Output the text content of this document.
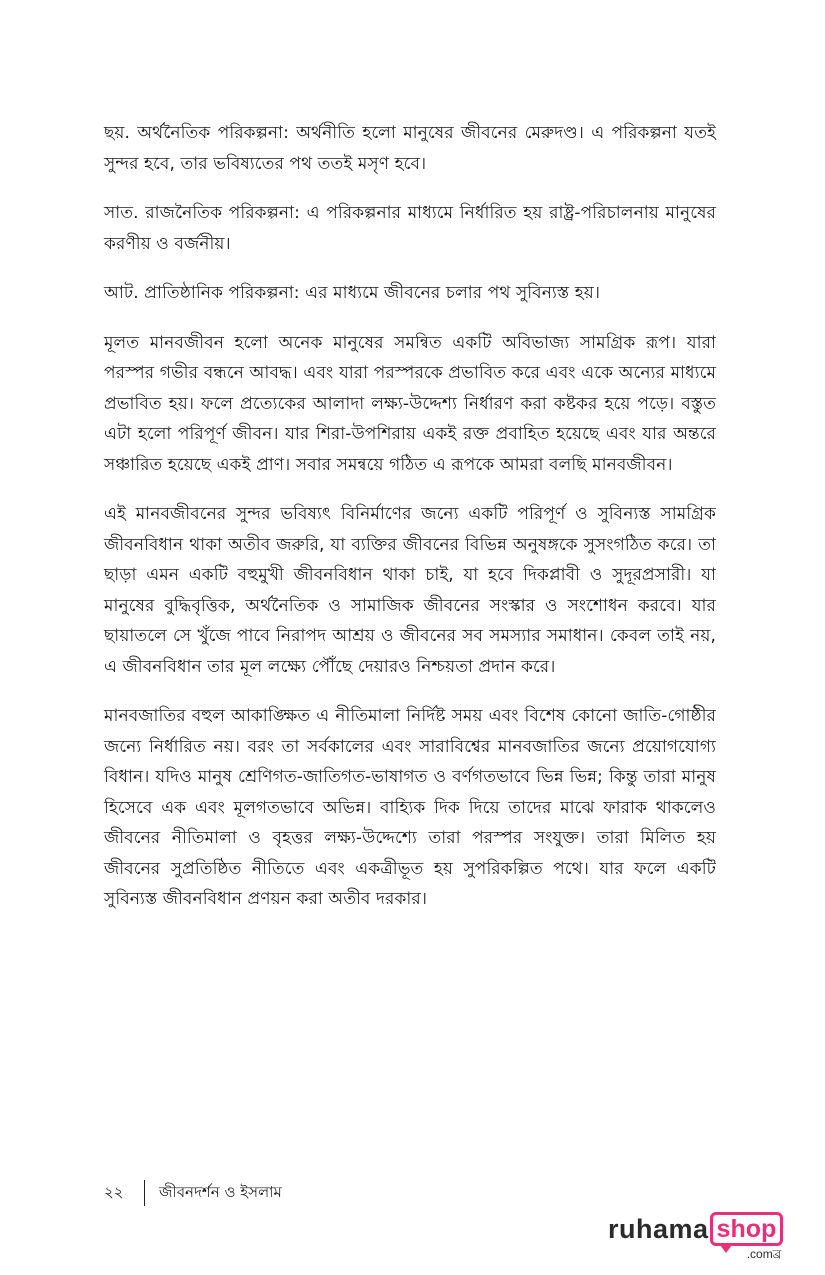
ছয়. অর্থনৈতিক পরিকল্পনা: অর্থনীতি হলো মানুষের জীবনের মেরুদণ্ড। এ পরিকল্পনা যতই সুন্দর হবে, তার ভবিষ্যতের পথ ততই মসৃণ হবে।

সাত. রাজনৈতিক পরিকল্পনা: এ পরিকল্পনার মাধ্যমে নির্ধারিত হয় রাষ্ট্র-পরিচালনায় মানুষের করণীয় ও বর্জনীয়।

আট. প্রাতিষ্ঠানিক পরিকল্পনা: এর মাধ্যমে জীবনের চলার পথ সুবিন্যস্ত হয়।

মূলত মানবজীবন হলো অনেক মানুষের সমন্বিত একটি অবিভাজ্য সামগ্রিক রূপ। যারা পরস্পর গভীর বন্ধনে আবদ্ধ। এবং যারা পরস্পরকে প্রভাবিত করে এবং একে অন্যের মাধ্যমে প্রভাবিত হয়। ফলে প্রত্যেকের আলাদা লক্ষ্য-উদ্দেশ্য নির্ধারণ করা কষ্টকর হয়ে পড়ে। বস্তুত এটা হলো পরিপূর্ণ জীবন। যার শিরা-উপশিরায় একই রক্ত প্রবাহিত হয়েছে এবং যার অন্তরে সঞ্চারিত হয়েছে একই প্রাণ। সবার সমন্বয়ে গঠিত এ রূপকে আমরা বলছি মানবজীবন।

এই মানবজীবনের সুন্দর ভবিষ্যৎ বিনির্মাণের জন্যে একটি পরিপূর্ণ ও সুবিন্যস্ত সামগ্রিক জীবনবিধান থাকা অতীব জরুরি, যা ব্যক্তির জীবনের বিভিন্ন অনুষঙ্গকে সুসংগঠিত করে। তা ছাড়া এমন একটি বহুমুখী জীবনবিধান থাকা চাই, যা হবে দিকপ্লাবী ও সুদূরপ্রসারী। যা মানুষের বুদ্ধিবৃত্তিক, অর্থনৈতিক ও সামাজিক জীবনের সংস্কার ও সংশোধন করবে। যার ছায়াতলে সে খুঁজে পাবে নিরাপদ আশ্রয় ও জীবনের সব সমস্যার সমাধান। কেবল তাই নয়, এ জীবনবিধান তার মূল লক্ষ্যে পৌঁছে দেয়ারও নিশ্চয়তা প্রদান করে।

মানবজাতির বহুল আকাঙ্ক্ষিত এ নীতিমালা নির্দিষ্ট সময় এবং বিশেষ কোনো জাতি-গোষ্ঠীর জন্যে নির্ধারিত নয়। বরং তা সর্বকালের এবং সারাবিশ্বের মানবজাতির জন্যে প্রয়োগযোগ্য বিধান। যদিও মানুষ শ্রেণিগত-জাতিগত-ভাষাগত ও বর্ণগতভাবে ভিন্ন ভিন্ন; কিন্তু তারা মানুষ হিসেবে এক এবং মূলগতভাবে অভিন্ন। বাহ্যিক দিক দিয়ে তাদের মাঝে ফারাক থাকলেও জীবনের নীতিমালা ও বৃহত্তর লক্ষ্য-উদ্দেশ্যে তারা পরস্পর সংযুক্ত। তারা মিলিত হয় জীবনের সুপ্রতিষ্ঠিত নীতিতে এবং একত্রীভূত হয় সুপরিকল্পিত পথে। যার ফলে একটি সুবিন্যস্ত জীবনবিধান প্রণয়ন করা অতীব দরকার।

২২	জীবনদর্শন ও ইসলাম
ruhama shop
.comব্র
